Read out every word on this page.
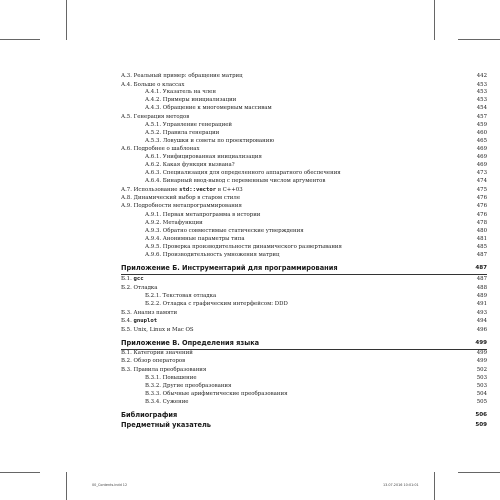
А.3. Реальный пример: обращение матриц	442
А.4. Больше о классах	453
А.4.1. Указатель на член	453
А.4.2. Примеры инициализации	453
А.4.3. Обращение к многомерным массивам	454
А.5. Генерация методов	457
А.5.1. Управление генерацией	459
А.5.2. Правила генерации	460
А.5.3. Ловушки и советы по проектированию	465
А.6. Подробнее о шаблонах	469
А.6.1. Унифицированная инициализация	469
А.6.2. Какая функция вызвана?	469
А.6.3. Специализация для определенного аппаратного обеспечения	473
А.6.4. Бинарный ввод-вывод с переменным числом аргументов	474
А.7. Использование std::vector в C++03	475
А.8. Динамический выбор в старом стиле	476
А.9. Подробности метапрограммирования	476
А.9.1. Первая метапрограмма в истории	476
А.9.2. Метафункции	478
А.9.3. Обратно совместимые статические утверждения	480
А.9.4. Анонимные параметры типа	481
А.9.5. Проверка производительности динамического развертывания	485
А.9.6. Производительность умножения матриц	487
Приложение Б. Инструментарий для программирования	487
Б.1. gcc	487
Б.2. Отладка	488
Б.2.1. Текстовая отладка	489
Б.2.2. Отладка с графическим интерфейсом: DDD	491
Б.3. Анализ памяти	493
Б.4. gnuplot	494
Б.5. Unix, Linux и Mac OS	496
Приложение В. Определения языка	499
В.1. Категории значений	499
В.2. Обзор операторов	499
В.3. Правила преобразования	502
В.3.1. Повышение	503
В.3.2. Другие преобразования	503
В.3.3. Обычные арифметические преобразования	504
В.3.4. Сужение	505
Библиография	506
Предметный указатель	509
00_Contents.indd 12	13.07.2016 10:01:01
